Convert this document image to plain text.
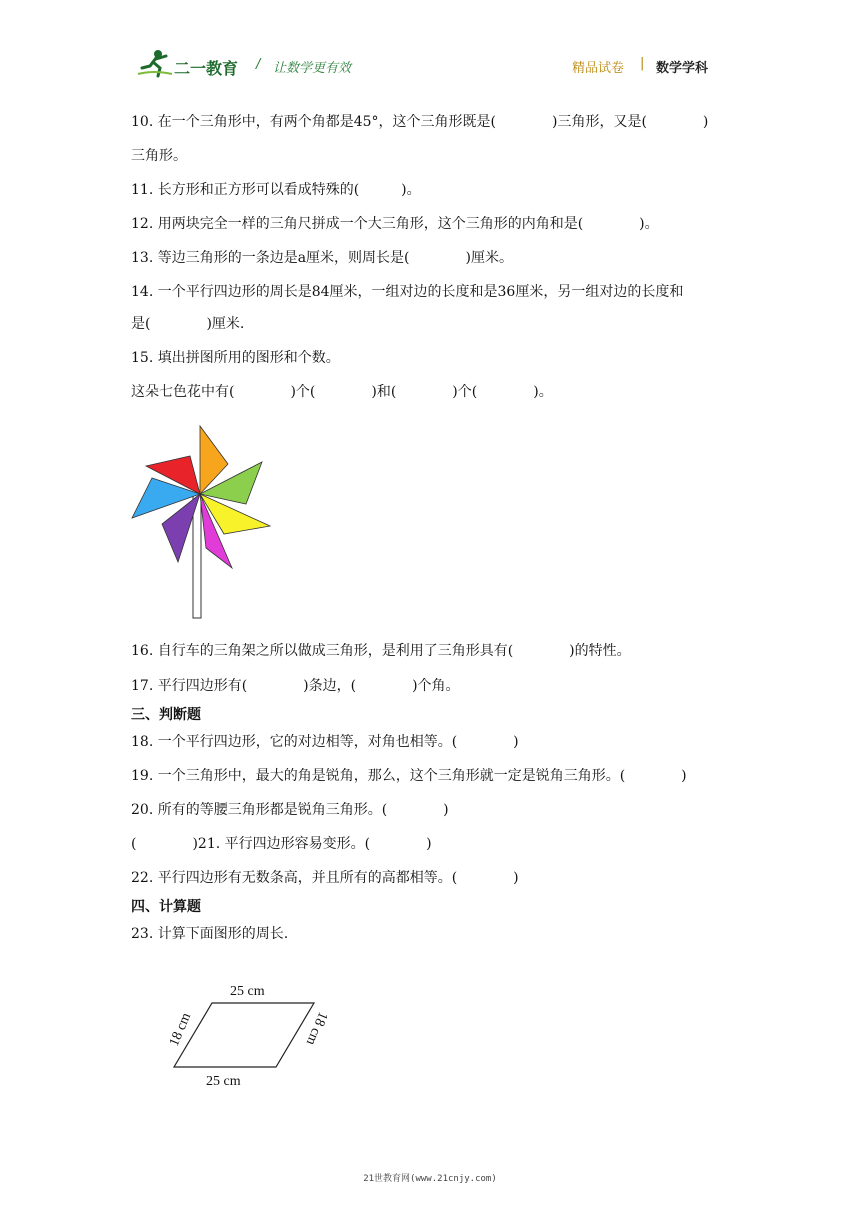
二一教育 / 让数学更有效	精品试卷 | 数学学科
10. 在一个三角形中，有两个角都是45°，这个三角形既是(　　　　)三角形，又是(　　　　)
三角形。
11. 长方形和正方形可以看成特殊的(　　　)。
12. 用两块完全一样的三角尺拼成一个大三角形，这个三角形的内角和是(　　　　)。
13. 等边三角形的一条边是a厘米，则周长是(　　　　)厘米。
14. 一个平行四边形的周长是84厘米，一组对边的长度和是36厘米，另一组对边的长度和
是(　　　　)厘米.
15. 填出拼图所用的图形和个数。
这朵七色花中有(　　　　)个(　　　　)和(　　　　)个(　　　　)。
16. 自行车的三角架之所以做成三角形，是利用了三角形具有(　　　　)的特性。
17. 平行四边形有(　　　　)条边，(　　　　)个角。
三、判断题
18. 一个平行四边形，它的对边相等，对角也相等。(　　　　)
19. 一个三角形中，最大的角是锐角，那么，这个三角形就一定是锐角三角形。(　　　　)
20. 所有的等腰三角形都是锐角三角形。(　　　　)
(　　　　)21. 平行四边形容易变形。(　　　　)
22. 平行四边形有无数条高，并且所有的高都相等。(　　　　)
四、计算题
23. 计算下面图形的周长.
25 cm
25 cm
18 cm	18 cm
21世教育网(www.21cnjy.com)
